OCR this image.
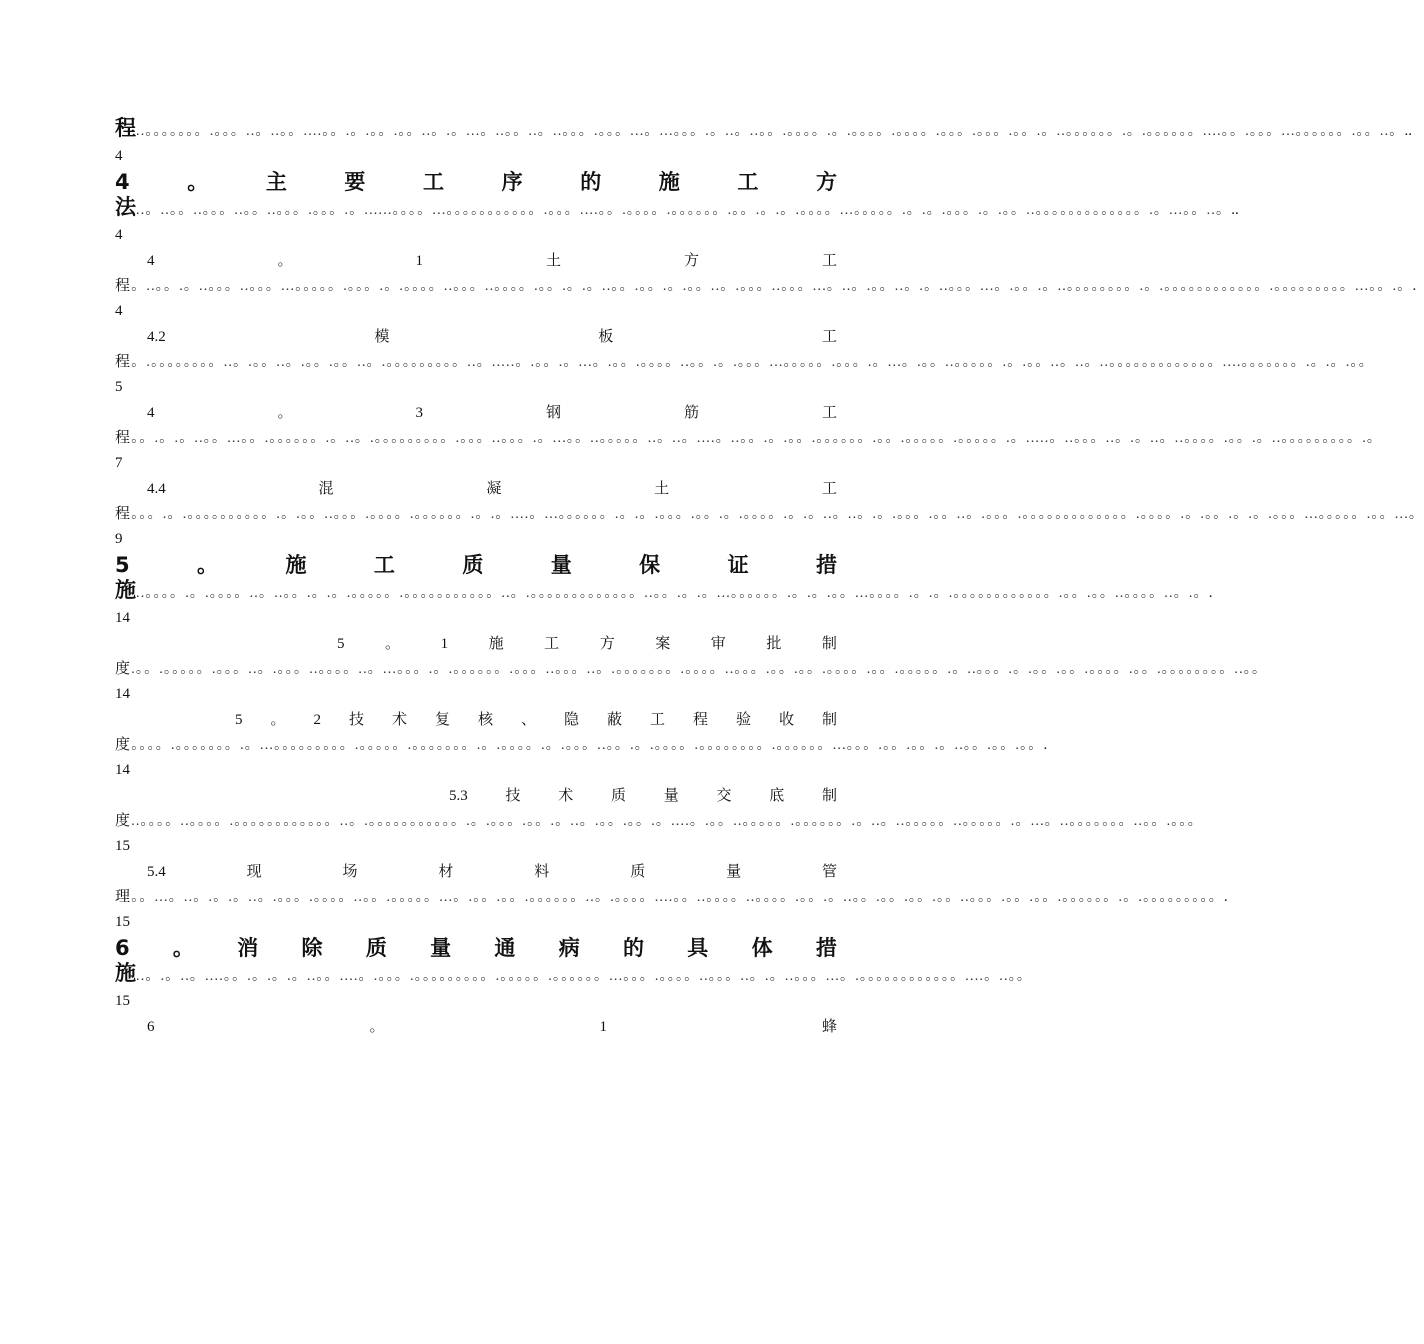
程..。。。。。。。.。。。..。..。。....。。.。.。。.。。..。.。...。..。。..。..。。。.。。。...。...。。。.。..。..。。.。。。。.。.。。。。.。。。。.。。。.。。。.。。.。..。。。。。。.。.。。。。。。....。。.。。。...。。。。。。.。。..。..4
4	。	主	要	工	序	的	施	工	方
法..。..。。..。。。..。。..。。。.。。。.。......。。。。...。。。。。。。。。。。.。。。....。。.。。。。.。。。。。。.。。.。.。.。。。。...。。。。。.。.。.。。。.。.。。..。。。。。。。。。。。。。.。...。。..。..4
4	。	1	土	方	工
程。..。。.。..。。。..。。。...。。。。。.。。。.。.。。。。..。。。..。。。。.。。.。.。..。。.。。.。.。。..。.。。。..。。。...。..。.。。..。.。..。。。...。.。。.。..。。。。。。。。.。.。。。。。。。。。。。。.。。。。。。。。。...。。.。.4
4.2	模	板	工
程。.。。。。。。。。..。.。。..。.。。.。。..。.。。。。。。。。。..。.....。.。。.。...。.。。.。。。。..。。.。.。。。...。。。。。.。。。.。...。.。。..。。。。。.。.。。..。..。..。。。。。。。。。。。。。....。。。。。。。.。.。.。。5
4	。	3	钢	筋	工
程。。.。.。..。。...。。.。。。。。。.。..。.。。。。。。。。。.。。。..。。。.。...。。..。。。。。..。..。....。..。。.。.。。.。。。。。。.。。.。。。。。.。。。。。.。.....。..。。。..。.。..。..。。。。.。。.。..。。。。。。。。。.。7
4.4	混	凝	土	工
程。。。.。.。。。。。。。。。。.。.。。..。。。.。。。。.。。。。。。.。.。....。...。。。。。。.。.。.。。。.。。.。.。。。。.。.。..。..。.。.。。。.。。..。.。。。.。。。。。。。。。。。。。.。。。。.。.。。.。.。.。。。...。。。。。.。。...。9
5	。	施	工	质	量	保	证	措
施..。。。。.。.。。。。..。..。。.。.。.。。。。。.。。。。。。。。。。。..。.。。。。。。。。。。。。。..。。.。.。...。。。。。。.。.。.。。...。。。。.。.。.。。。。。。。。。。。。.。。.。。..。。。。..。.。.14
5	。	1	施	工	方	案	审	批	制
度.。。.。。。。。.。。。..。.。。。..。。。。..。...。。。.。.。。。。。。.。。。..。。。..。.。。。。。。。.。。。。..。。。.。。.。。.。。。。.。。.。。。。。.。..。。。.。.。。.。。.。。。。.。。.。。。。。。。。..。。14
5 。 2 技 术 复 核 、 隐 蔽 工 程 验 收 制
度。。。。.。。。。。。。.。...。。。。。。。。。.。。。。。.。。。。。。。.。.。。。。.。.。。。..。。.。.。。。。.。。。。。。。。.。。。。。。...。。。.。。.。。.。..。。.。。.。。.14
5.3	技	术	质	量	交	底	制
度..。。。。..。。。。.。。。。。。。。。。。。..。.。。。。。。。。。。。.。.。。。.。。.。..。.。。.。。.。....。.。。..。。。。。.。。。。。。.。..。..。。。。。..。。。。。.。...。..。。。。。。。..。。.。。。15
5.4	现	场	材	料	质	量	管
理。。...。..。.。.。..。.。。。.。。。。..。。.。。。。。...。.。。.。。.。。。。。。..。.。。。。....。。..。。。。..。。。。.。。.。..。。.。。.。。.。。..。。。.。。.。。.。。。。。。.。.。。。。。。。。。.15
6 。 消 除 质 量 通 病 的 具 体 措
施..。.。..。....。。.。.。.。..。。....。.。。。.。。。。。。。。。.。。。。。.。。。。。。...。。。.。。。。..。。。..。.。..。。。...。.。。。。。。。。。。。。....。..。。15
6	。	1	蜂
